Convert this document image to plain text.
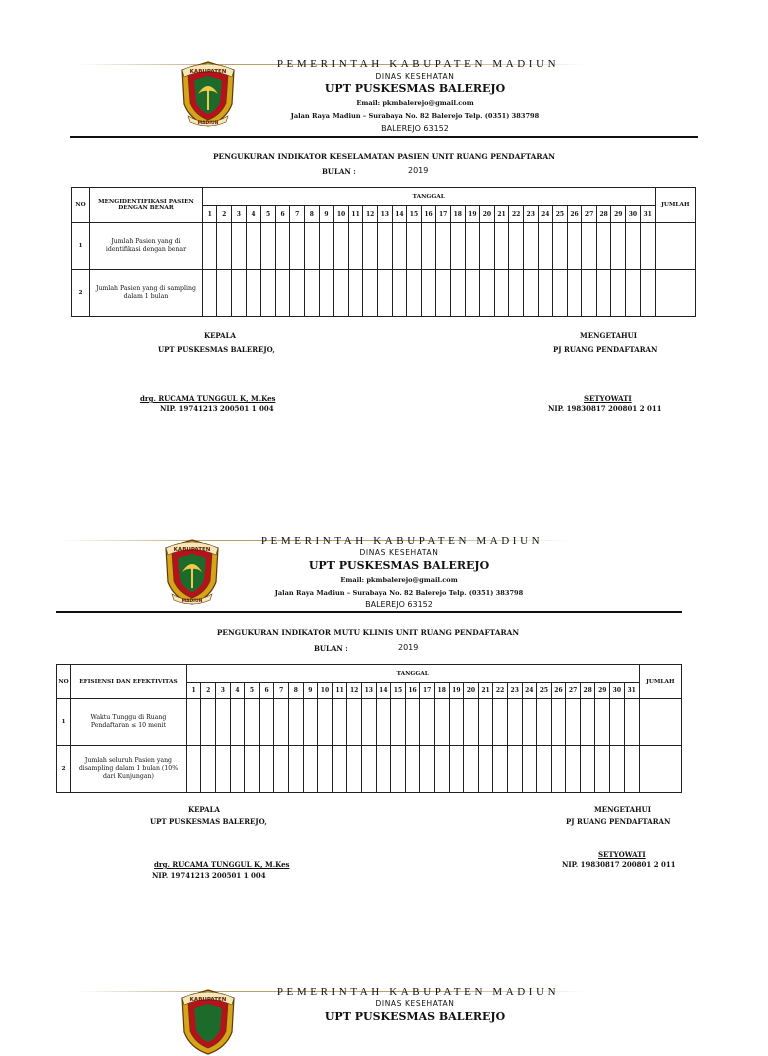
KABUPATEN
MADIUN
PEMERINTAH KABUPATEN MADIUN
DINAS KESEHATAN
UPT PUSKESMAS BALEREJO
Email: pkmbalerejo@gmail.com
Jalan Raya Madiun – Surabaya No. 82 Balerejo Telp. (0351) 383798
BALEREJO 63152
PENGUKURAN INDIKATOR KESELAMATAN PASIEN UNIT RUANG PENDAFTARAN
BULAN :	2019
NO	MENGIDENTIFIKASI PASIEN DENGAN BENAR	TANGGAL																															JUMLAH
		1	2	3	4	5	6	7	8	9	10	11	12	13	14	15	16	17	18	19	20	21	22	23	24	25	26	27	28	29	30	31	
1	Jumlah Pasien yang di identifikasi dengan benar																																
2	Jumlah Pasien yang di sampling dalam 1 bulan																																
KEPALA
UPT PUSKESMAS BALEREJO,
drg. RUCAMA TUNGGUL K, M.Kes
NIP. 19741213 200501 1 004
MENGETAHUI
PJ RUANG PENDAFTARAN
SETYOWATI
NIP. 19830817 200801 2 011
KABUPATEN
MADIUN
PEMERINTAH KABUPATEN MADIUN
DINAS KESEHATAN
UPT PUSKESMAS BALEREJO
Email: pkmbalerejo@gmail.com
Jalan Raya Madiun – Surabaya No. 82 Balerejo Telp. (0351) 383798
BALEREJO 63152
PENGUKURAN INDIKATOR MUTU KLINIS UNIT RUANG PENDAFTARAN
BULAN :	2019
NO	EFISIENSI DAN EFEKTIVITAS	TANGGAL																															JUMLAH
		1	2	3	4	5	6	7	8	9	10	11	12	13	14	15	16	17	18	19	20	21	22	23	24	25	26	27	28	29	30	31	
1	Waktu Tunggu di Ruang Pendaftaran ≤ 10 menit																																
2	Jumlah seluruh Pasien yang disampling dalam 1 bulan (10% dari Kunjungan)																																
KEPALA
UPT PUSKESMAS BALEREJO,
drg. RUCAMA TUNGGUL K, M.Kes
NIP. 19741213 200501 1 004
MENGETAHUI
PJ RUANG PENDAFTARAN
SETYOWATI
NIP. 19830817 200801 2 011
KABUPATEN
PEMERINTAH KABUPATEN MADIUN
DINAS KESEHATAN
UPT PUSKESMAS BALEREJO
